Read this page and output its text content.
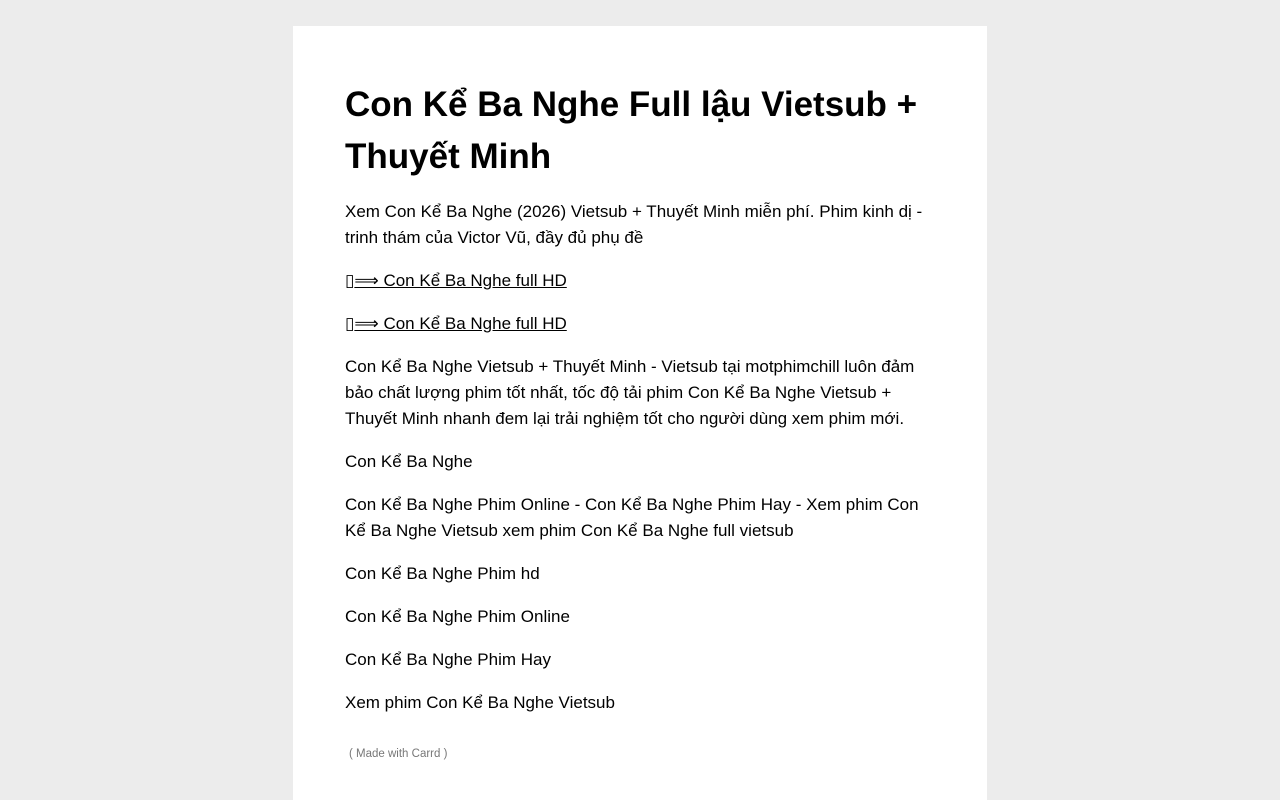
Con Kể Ba Nghe Full lậu Vietsub + Thuyết Minh

Xem Con Kể Ba Nghe (2026) Vietsub + Thuyết Minh miễn phí. Phim kinh dị - trinh thám của Victor Vũ, đầy đủ phụ đề

▯⟹ Con Kể Ba Nghe full HD

▯⟹ Con Kể Ba Nghe full HD

Con Kể Ba Nghe Vietsub + Thuyết Minh - Vietsub tại motphimchill luôn đảm bảo chất lượng phim tốt nhất, tốc độ tải phim Con Kể Ba Nghe Vietsub + Thuyết Minh nhanh đem lại trải nghiệm tốt cho người dùng xem phim mới.

Con Kể Ba Nghe

Con Kể Ba Nghe Phim Online - Con Kể Ba Nghe Phim Hay - Xem phim Con Kể Ba Nghe Vietsub xem phim Con Kể Ba Nghe full vietsub

Con Kể Ba Nghe Phim hd

Con Kể Ba Nghe Phim Online

Con Kể Ba Nghe Phim Hay

Xem phim Con Kể Ba Nghe Vietsub

( Made with Carrd )
